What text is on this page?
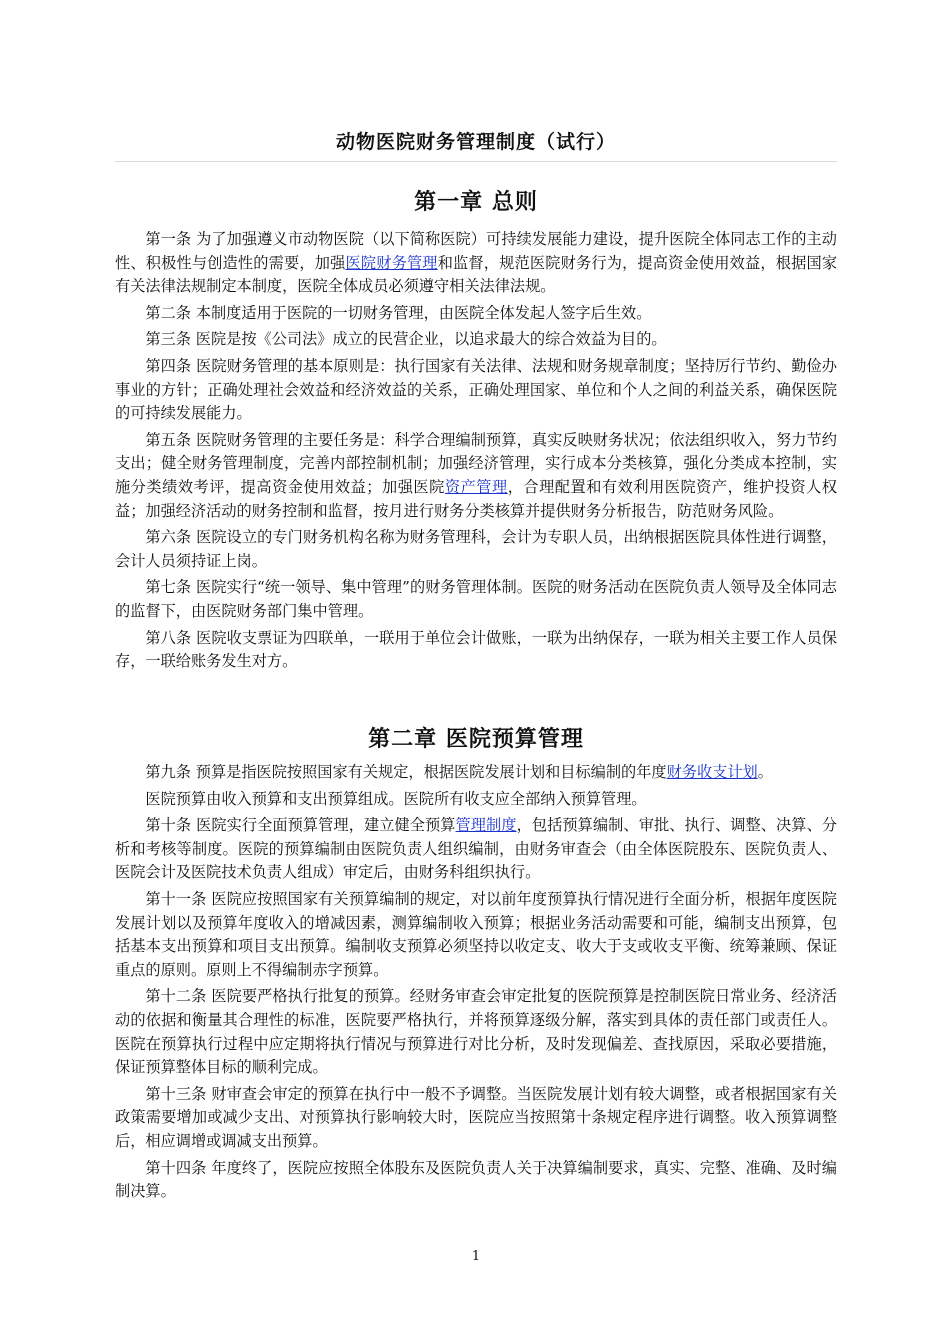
动物医院财务管理制度（试行）
第一章 总则

第一条 为了加强遵义市动物医院（以下简称医院）可持续发展能力建设，提升医院全体同志工作的主动性、积极性与创造性的需要，加强医院财务管理和监督，规范医院财务行为，提高资金使用效益，根据国家有关法律法规制定本制度，医院全体成员必须遵守相关法律法规。

第二条 本制度适用于医院的一切财务管理，由医院全体发起人签字后生效。

第三条 医院是按《公司法》成立的民营企业，以追求最大的综合效益为目的。

第四条 医院财务管理的基本原则是：执行国家有关法律、法规和财务规章制度；坚持厉行节约、勤俭办事业的方针；正确处理社会效益和经济效益的关系，正确处理国家、单位和个人之间的利益关系，确保医院的可持续发展能力。

第五条 医院财务管理的主要任务是：科学合理编制预算，真实反映财务状况；依法组织收入，努力节约支出；健全财务管理制度，完善内部控制机制；加强经济管理，实行成本分类核算，强化分类成本控制，实施分类绩效考评，提高资金使用效益；加强医院资产管理，合理配置和有效利用医院资产，维护投资人权益；加强经济活动的财务控制和监督，按月进行财务分类核算并提供财务分析报告，防范财务风险。

第六条 医院设立的专门财务机构名称为财务管理科，会计为专职人员，出纳根据医院具体性进行调整，会计人员须持证上岗。

第七条 医院实行“统一领导、集中管理”的财务管理体制。医院的财务活动在医院负责人领导及全体同志的监督下，由医院财务部门集中管理。

第八条 医院收支票证为四联单，一联用于单位会计做账，一联为出纳保存，一联为相关主要工作人员保存，一联给账务发生对方。

第二章 医院预算管理

第九条 预算是指医院按照国家有关规定，根据医院发展计划和目标编制的年度财务收支计划。

医院预算由收入预算和支出预算组成。医院所有收支应全部纳入预算管理。

第十条 医院实行全面预算管理，建立健全预算管理制度，包括预算编制、审批、执行、调整、决算、分析和考核等制度。医院的预算编制由医院负责人组织编制，由财务审查会（由全体医院股东、医院负责人、医院会计及医院技术负责人组成）审定后，由财务科组织执行。

第十一条 医院应按照国家有关预算编制的规定，对以前年度预算执行情况进行全面分析，根据年度医院发展计划以及预算年度收入的增减因素，测算编制收入预算；根据业务活动需要和可能，编制支出预算，包括基本支出预算和项目支出预算。编制收支预算必须坚持以收定支、收大于支或收支平衡、统筹兼顾、保证重点的原则。原则上不得编制赤字预算。

第十二条 医院要严格执行批复的预算。经财务审查会审定批复的医院预算是控制医院日常业务、经济活动的依据和衡量其合理性的标准，医院要严格执行，并将预算逐级分解，落实到具体的责任部门或责任人。医院在预算执行过程中应定期将执行情况与预算进行对比分析，及时发现偏差、查找原因，采取必要措施，保证预算整体目标的顺利完成。

第十三条 财审查会审定的预算在执行中一般不予调整。当医院发展计划有较大调整，或者根据国家有关政策需要增加或减少支出、对预算执行影响较大时，医院应当按照第十条规定程序进行调整。收入预算调整后，相应调增或调减支出预算。

第十四条 年度终了，医院应按照全体股东及医院负责人关于决算编制要求，真实、完整、准确、及时编制决算。

1
